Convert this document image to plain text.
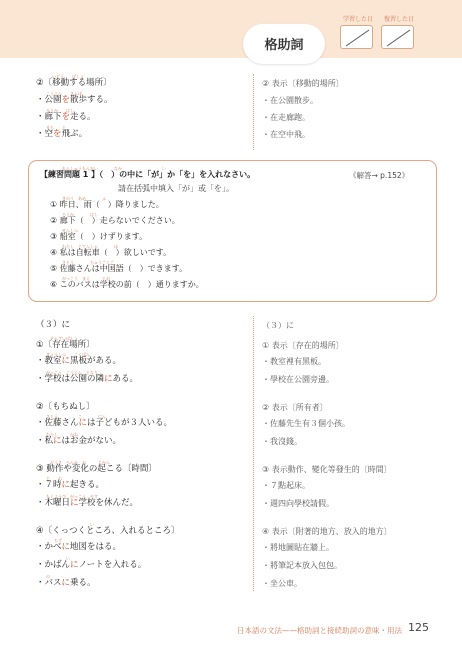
格助詞
学習した日	復習した日
いどう　　ばしょ
②〔移動する場所〕	② 表示〔移動的場所〕
こうえん　　さんぽ
・公園を散歩する。	・在公園散步。
ろうか　　はし
・廊下を走る。	・在走廊跑。
そら　　と
・空を飛ぶ。	・在空中飛。
れんしゅうもんだい　　　　なか　　　　　　　　　　い
【練習問題 1 】（　）の中に「が」か「を」を入れなさい。	《解答→ p.152》
請在括弧中填入「が」或「を」。
きのう　あめ　　　　ふ
① 昨日、雨（　）降りました。
ろうか　　　　はし
② 廊下（　）走らないでください。
せんしつ
③ 船室（　）けずります。
わたし　じてんしゃ　　　　ほ
④ 私は自転車（　）欲しいです。
さとう　　　　ちゅうごくご
⑤ 佐藤さんは中国語（　）できます。
がっこう　まえ　　　とお
⑥ このバスは学校の前（　）通りますか。
（３）に	（３）に
そんざいばしょ
①〔存在場所〕	① 表示〔存在的場所〕
きょうしつ　　こくばん
・教室に黒板がある。	・教室裡有黑板。
がっこう　こうえん　となり
・学校は公園の隣にある。	・學校在公園旁邊。
②〔もちぬし〕	② 表示〔所有者〕
さとう　　　　　こ　　　　にん
・佐藤さんには子どもが３人いる。	・佐藤先生有３個小孩。
わたし　　　かね
・私にはお金がない。	・我沒錢。
どうさ　へんか　お　　　じかん
③ 動作や変化の起こる〔時間〕	③ 表示動作、變化等發生的〔時間〕
じ　　お
・７時に起きる。	・７點起床。
もくようび　がっこう　やす
・木曜日に学校を休んだ。	・週四向學校請假。
　　　　　　　　　　い
④〔くっつくところ、入れるところ〕	④ 表示〔附著的地方、放入的地方〕
　　ちず
・かべに地図をはる。	・將地圖貼在牆上。
　　　　　い
・かばんにノートを入れる。	・將筆記本放入包包。
の
・バスに乗る。	・坐公車。
日本語の文法——格助詞と接続助詞の意味・用法 125
